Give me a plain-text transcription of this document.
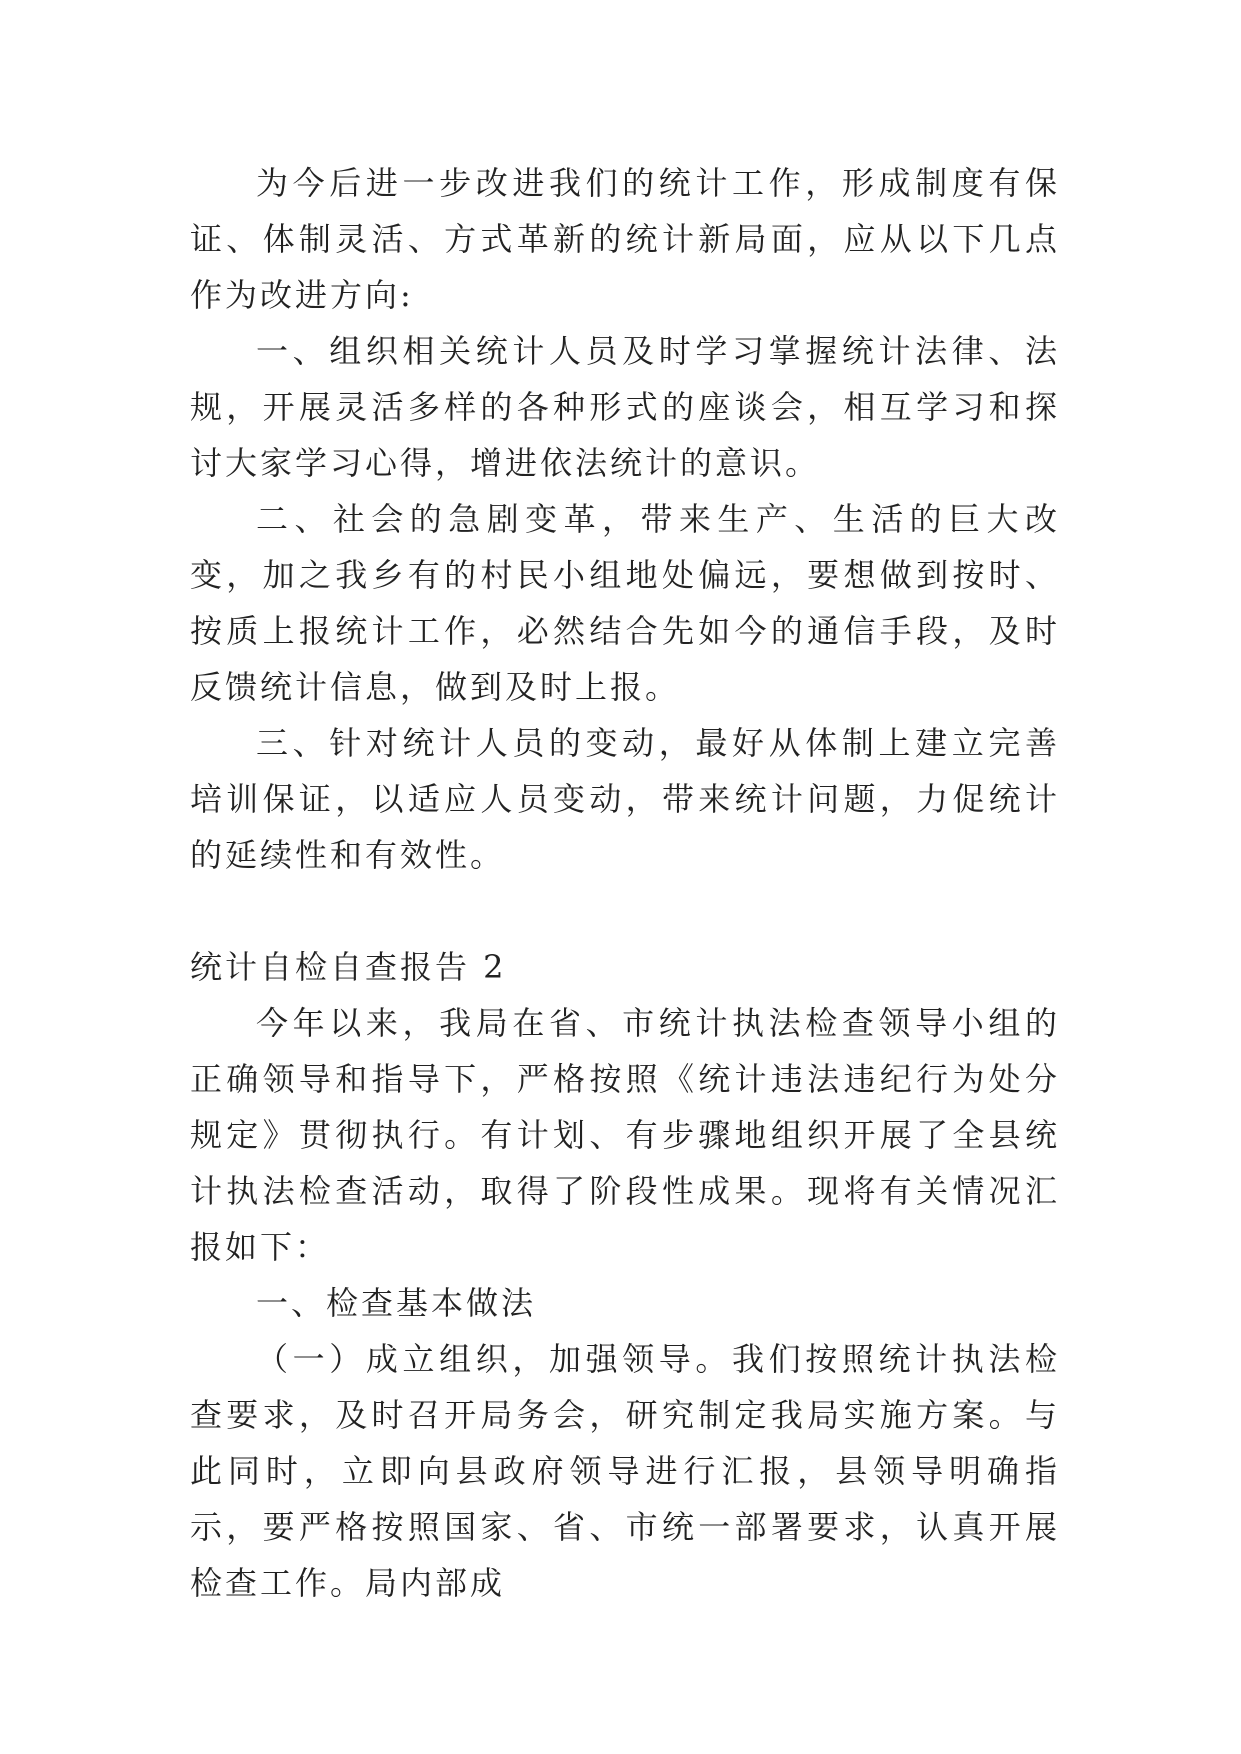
为今后进一步改进我们的统计工作，形成制度有保证、体制灵活、方式革新的统计新局面，应从以下几点作为改进方向:

一、组织相关统计人员及时学习掌握统计法律、法规，开展灵活多样的各种形式的座谈会，相互学习和探讨大家学习心得，增进依法统计的意识。

二、社会的急剧变革，带来生产、生活的巨大改变，加之我乡有的村民小组地处偏远，要想做到按时、按质上报统计工作，必然结合先如今的通信手段，及时反馈统计信息，做到及时上报。

三、针对统计人员的变动，最好从体制上建立完善培训保证，以适应人员变动，带来统计问题，力促统计的延续性和有效性。

统计自检自查报告 2

今年以来，我局在省、市统计执法检查领导小组的正确领导和指导下，严格按照《统计违法违纪行为处分规定》贯彻执行。有计划、有步骤地组织开展了全县统计执法检查活动，取得了阶段性成果。现将有关情况汇报如下：

一、检查基本做法

（一）成立组织，加强领导。我们按照统计执法检查要求，及时召开局务会，研究制定我局实施方案。与此同时，立即向县政府领导进行汇报，县领导明确指示，要严格按照国家、省、市统一部署要求，认真开展检查工作。局内部成
